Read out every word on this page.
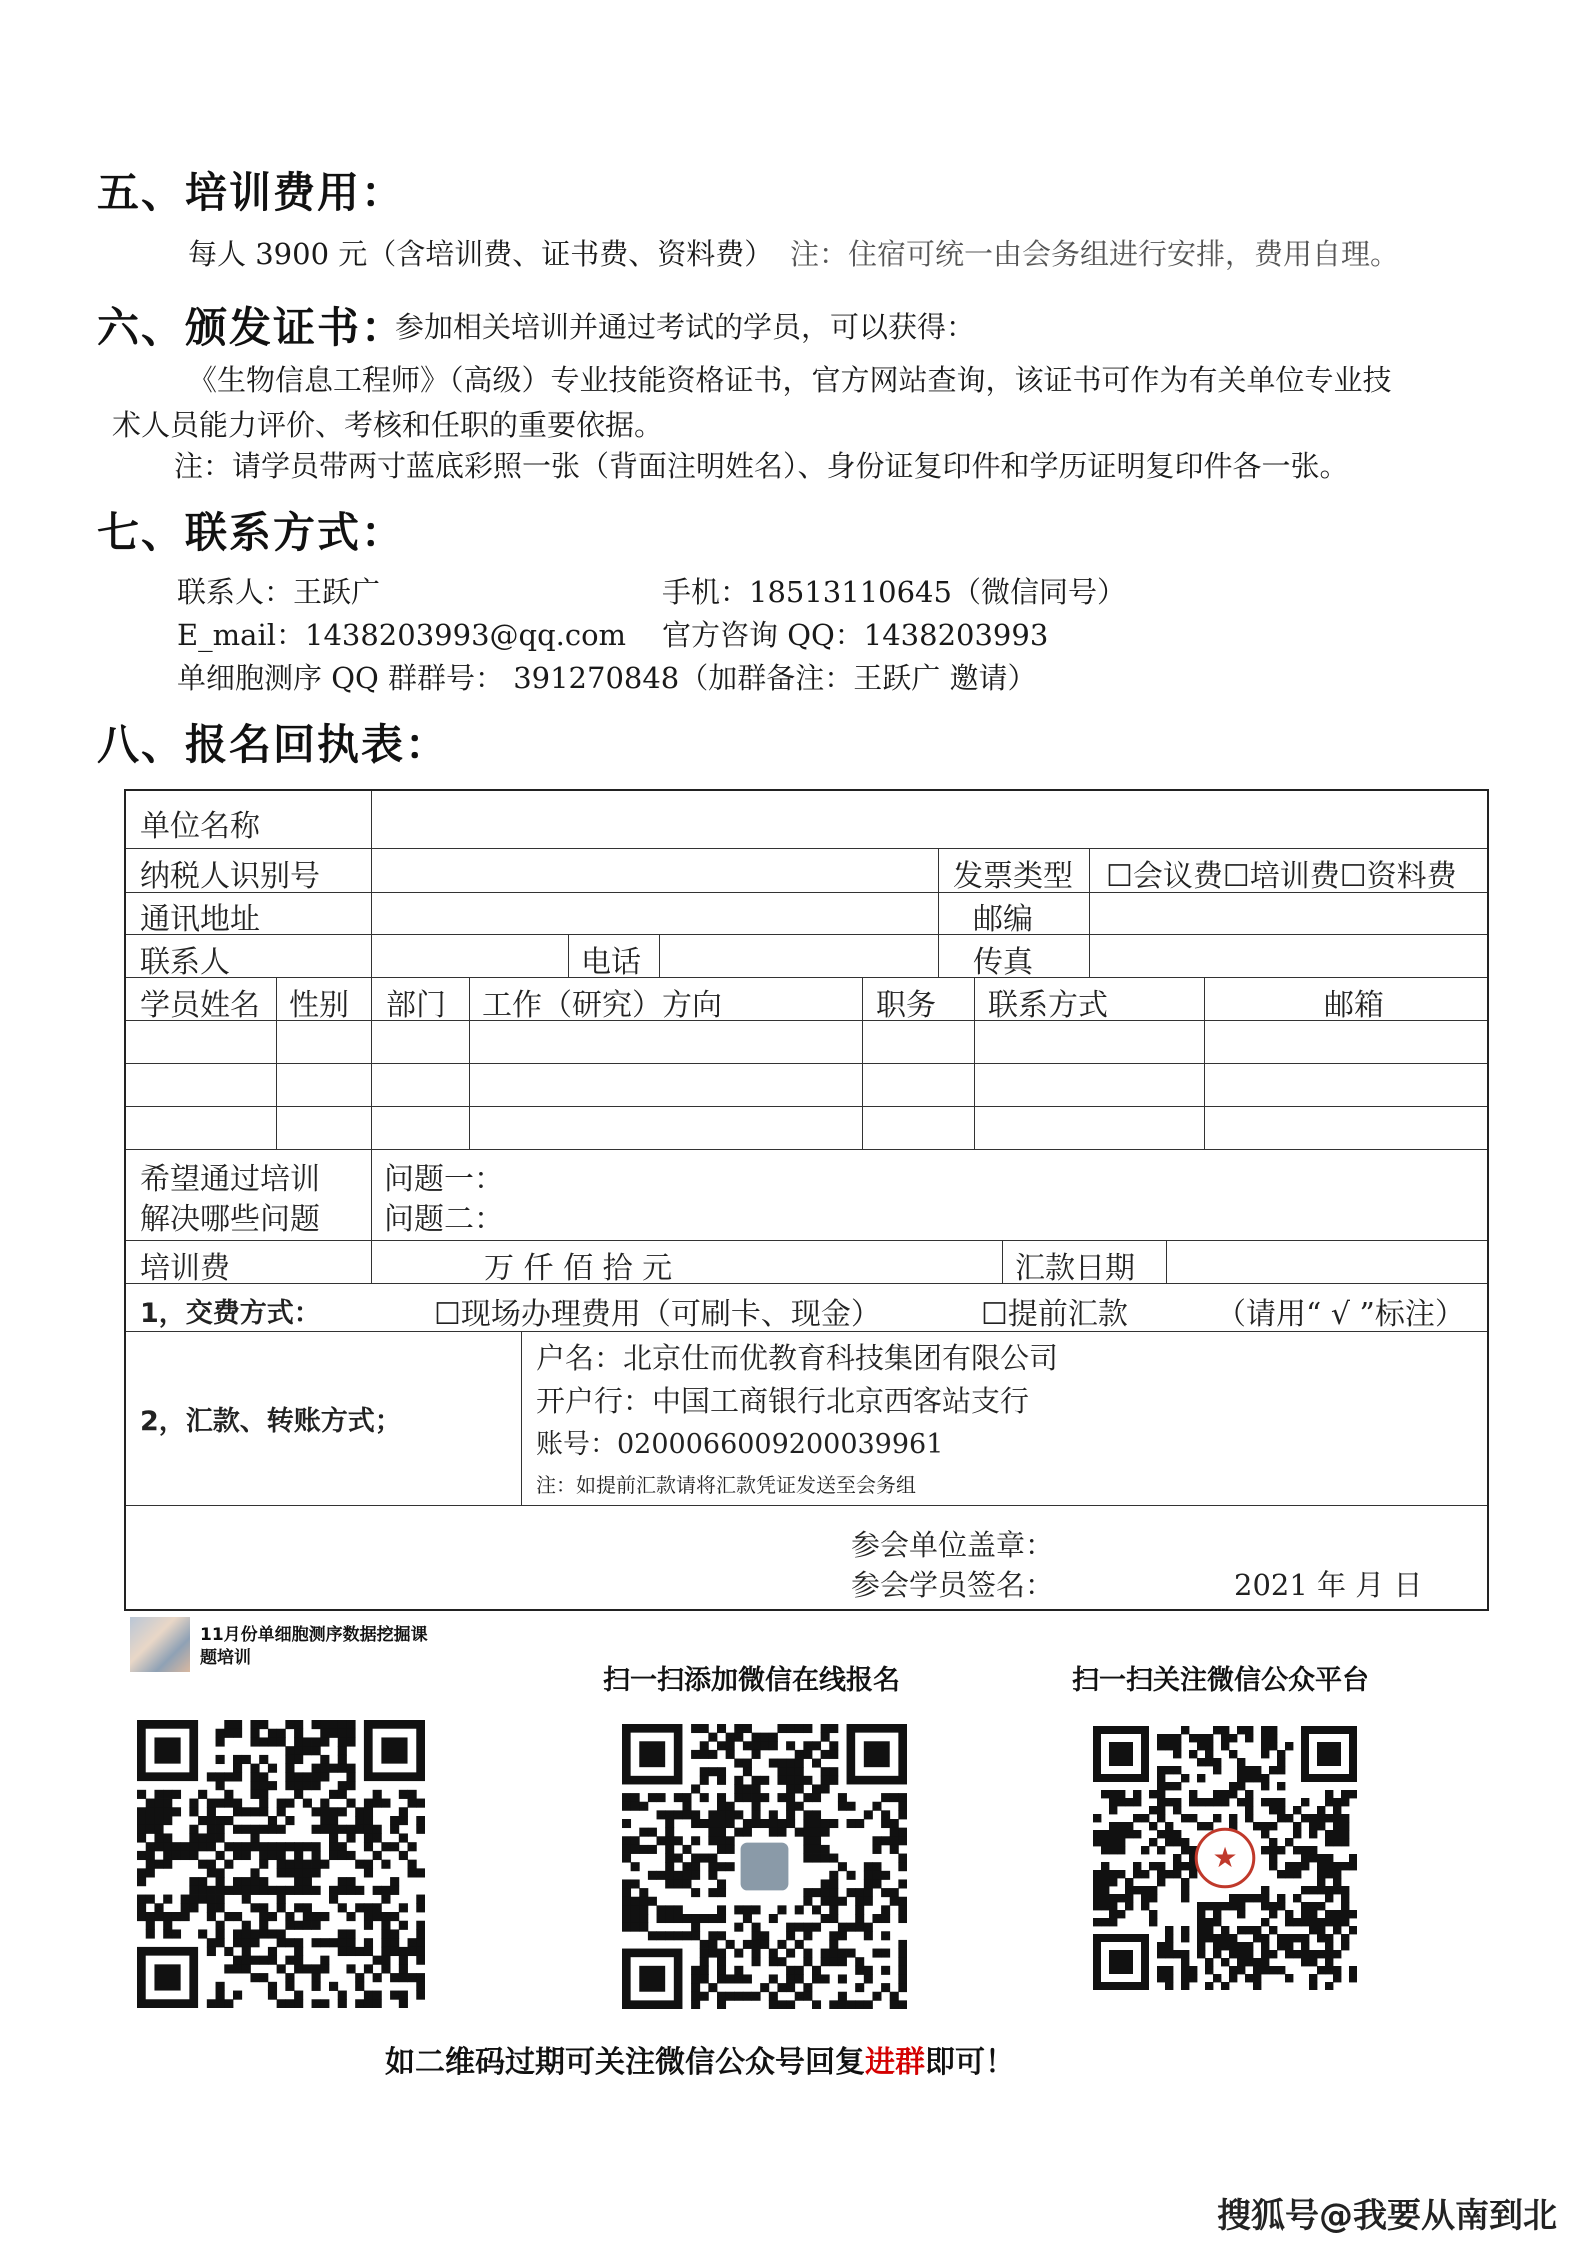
五、培训费用：
每人 3900 元（含培训费、证书费、资料费） 注：住宿可统一由会务组进行安排，费用自理。
六、颁发证书：
参加相关培训并通过考试的学员，可以获得：
《生物信息工程师》（高级）专业技能资格证书，官方网站查询，该证书可作为有关单位专业技
术人员能力评价、考核和任职的重要依据。
注：请学员带两寸蓝底彩照一张（背面注明姓名）、身份证复印件和学历证明复印件各一张。
七、联系方式：
联系人：王跃广	手机：18513110645（微信同号）
E_mail：1438203993@qq.com 官方咨询 QQ：1438203993
单细胞测序 QQ 群群号： 391270848（加群备注：王跃广 邀请）
八、报名回执表：
单位名称
纳税人识别号	发票类型 ☐会议费☐培训费☐资料费
通讯地址	邮编
联系人	电话	传真
学员姓名 性别 部门 工作（研究）方向	职务 联系方式	邮箱
希望通过培训
解决哪些问题
问题一：
问题二：
培训费	万 仟 佰 拾 元	汇款日期
1，交费方式：	☐现场办理费用（可刷卡、现金）	☐提前汇款	（请用“ √ ”标注）
2，汇款、转账方式；
户名：北京仕而优教育科技集团有限公司
开户行：中国工商银行北京西客站支行
账号：0200066009200039961
注：如提前汇款请将汇款凭证发送至会务组
参会单位盖章：
参会学员签名：	2021 年 月 日
11月份单细胞测序数据挖掘课
题培训
扫一扫添加微信在线报名	扫一扫关注微信公众平台
★
如二维码过期可关注微信公众号回复进群即可！
搜狐号@我要从南到北
